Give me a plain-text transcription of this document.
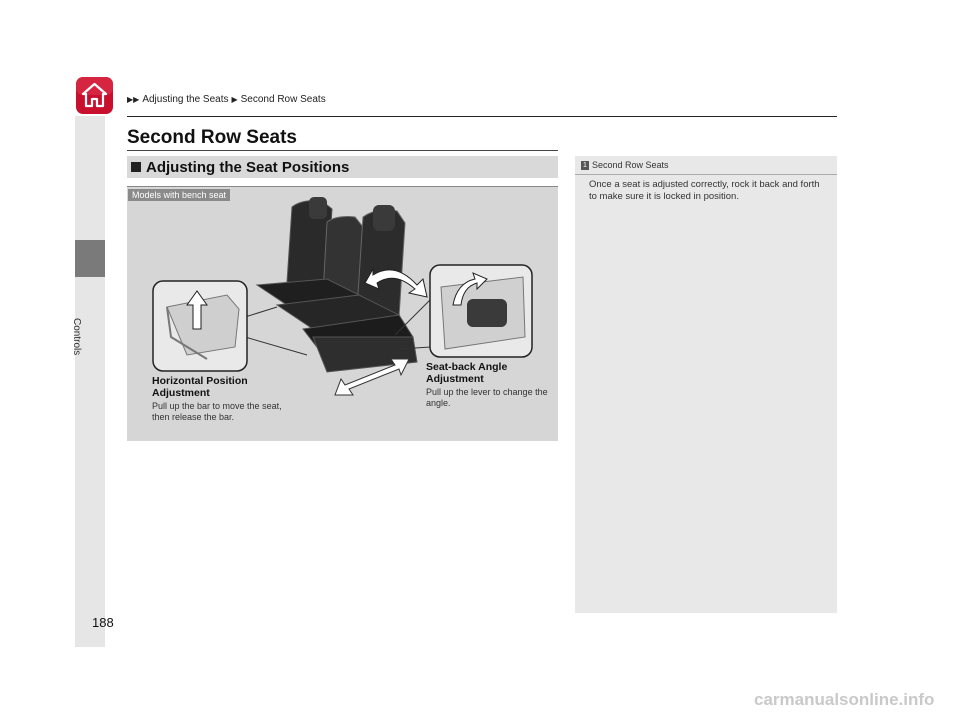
Controls
▶▶ Adjusting the Seats ▶ Second Row Seats
Second Row Seats
Adjusting the Seat Positions
Models with bench seat
Horizontal Position Adjustment
Pull up the bar to move the seat, then release the bar.
Seat-back Angle Adjustment
Pull up the lever to change the angle.
1 Second Row Seats
Once a seat is adjusted correctly, rock it back and forth to make sure it is locked in position.
188
carmanualsonline.info
